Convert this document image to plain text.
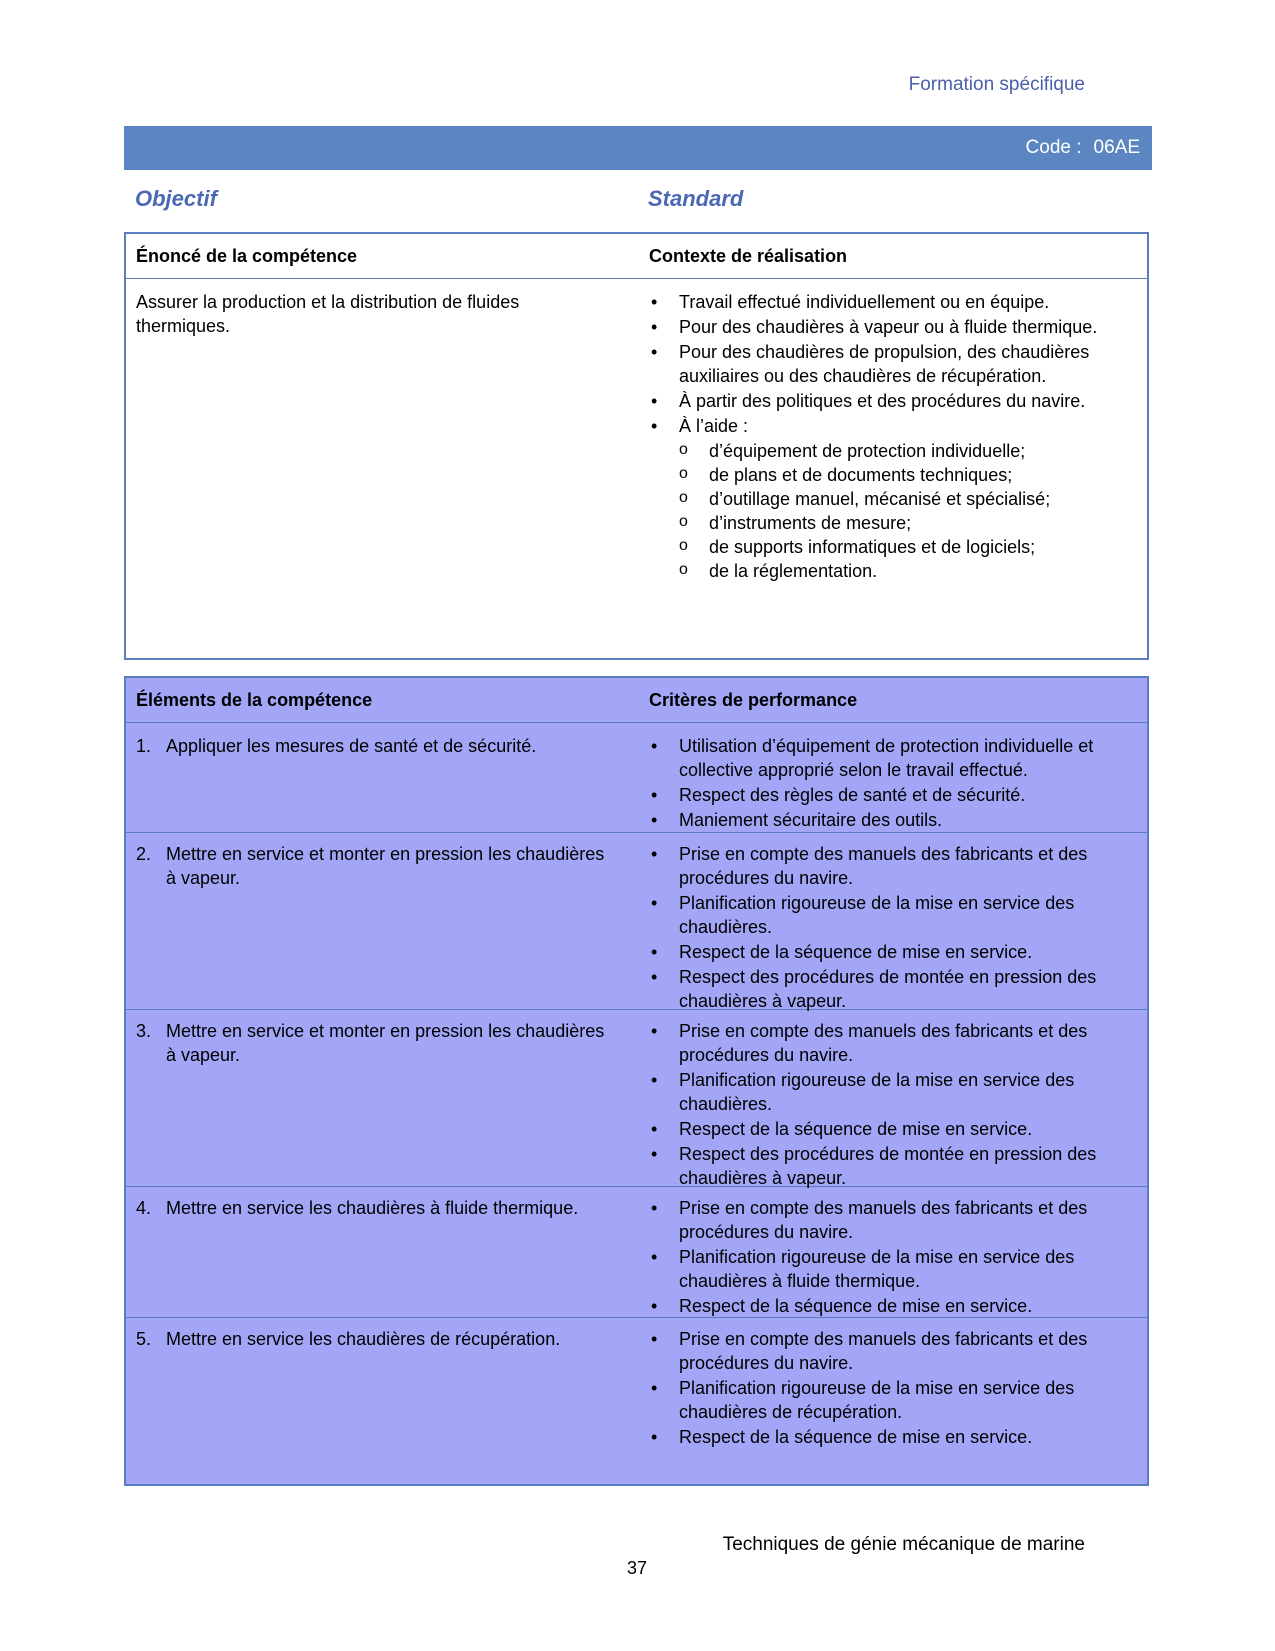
Formation spécifique
Code : 06AE
Objectif	Standard
Énoncé de la compétence	Contexte de réalisation
Assurer la production et la distribution de fluides thermiques.
• Travail effectué individuellement ou en équipe.
• Pour des chaudières à vapeur ou à fluide thermique.
• Pour des chaudières de propulsion, des chaudières auxiliaires ou des chaudières de récupération.
• À partir des politiques et des procédures du navire.
• À l’aide :
o d’équipement de protection individuelle;
o de plans et de documents techniques;
o d’outillage manuel, mécanisé et spécialisé;
o d’instruments de mesure;
o de supports informatiques et de logiciels;
o de la réglementation.
Éléments de la compétence	Critères de performance
1. Appliquer les mesures de santé et de sécurité.	• Utilisation d’équipement de protection individuelle et collective approprié selon le travail effectué.
• Respect des règles de santé et de sécurité.
• Maniement sécuritaire des outils.
2. Mettre en service et monter en pression les chaudières à vapeur.
• Prise en compte des manuels des fabricants et des procédures du navire.
• Planification rigoureuse de la mise en service des chaudières.
• Respect de la séquence de mise en service.
• Respect des procédures de montée en pression des chaudières à vapeur.
3. Mettre en service et monter en pression les chaudières à vapeur.
• Prise en compte des manuels des fabricants et des procédures du navire.
• Planification rigoureuse de la mise en service des chaudières.
• Respect de la séquence de mise en service.
• Respect des procédures de montée en pression des chaudières à vapeur.
4. Mettre en service les chaudières à fluide thermique.	• Prise en compte des manuels des fabricants et des procédures du navire.
• Planification rigoureuse de la mise en service des chaudières à fluide thermique.
• Respect de la séquence de mise en service.
5. Mettre en service les chaudières de récupération.	• Prise en compte des manuels des fabricants et des procédures du navire.
• Planification rigoureuse de la mise en service des chaudières de récupération.
• Respect de la séquence de mise en service.
Techniques de génie mécanique de marine
37
